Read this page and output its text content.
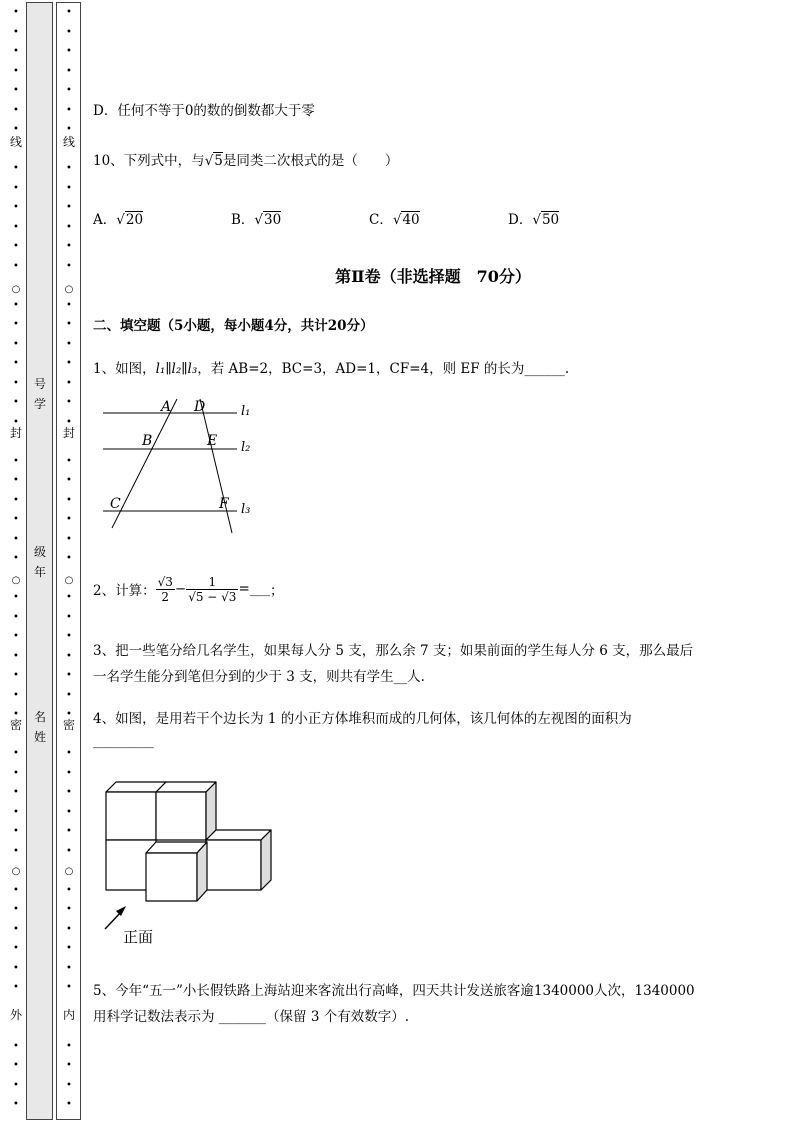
•
•
•
•
•
•
•
•
•
•
•
•
•
○
•
•
•
•
•
•
•
•
•
•
•
•
•
○
•
•
•
•
•
•
•
•
•
•
•
•
•
○
•
•
•
•
•
•
•
•
•
•
•
•
•
•
•
•
•
•
•
•
•
•
•
○
•
•
•
•
•
•
•
•
•
•
•
•
•
○
•
•
•
•
•
•
•
•
•
•
•
•
•
○
•
•
•
•
•
•
•
•
•
•
线
封
密
外
线
封
密
内
号学
级年
名姓
D．任何不等于0的数的倒数都大于零
10、下列式中，与√5是同类二次根式的是（　　）
A．√20	B．√30	C．√40	D．√50
第Ⅱ卷（非选择题　70分）
二、填空题（5小题，每小题4分，共计20分）
1、如图，l₁∥l₂∥l₃，若 AB=2，BC=3，AD=1，CF=4，则 EF 的长为______.
A D
B	E
C	F
l₁
l₂
l₃
2、计算： $\frac{√3}{2} - \frac{1}{√5 - √3}$ = ___ ；
3、把一些笔分给几名学生，如果每人分 5 支，那么余 7 支；如果前面的学生每人分 6 支，那么最后
一名学生能分到笔但分到的少于 3 支，则共有学生__人.
4、如图，是用若干个边长为 1 的小正方体堆积而成的几何体，该几何体的左视图的面积为
_________
正面
5、今年“五一”小长假铁路上海站迎来客流出行高峰，四天共计发送旅客逾1340000人次，1340000
用科学记数法表示为 _______（保留 3 个有效数字）.
